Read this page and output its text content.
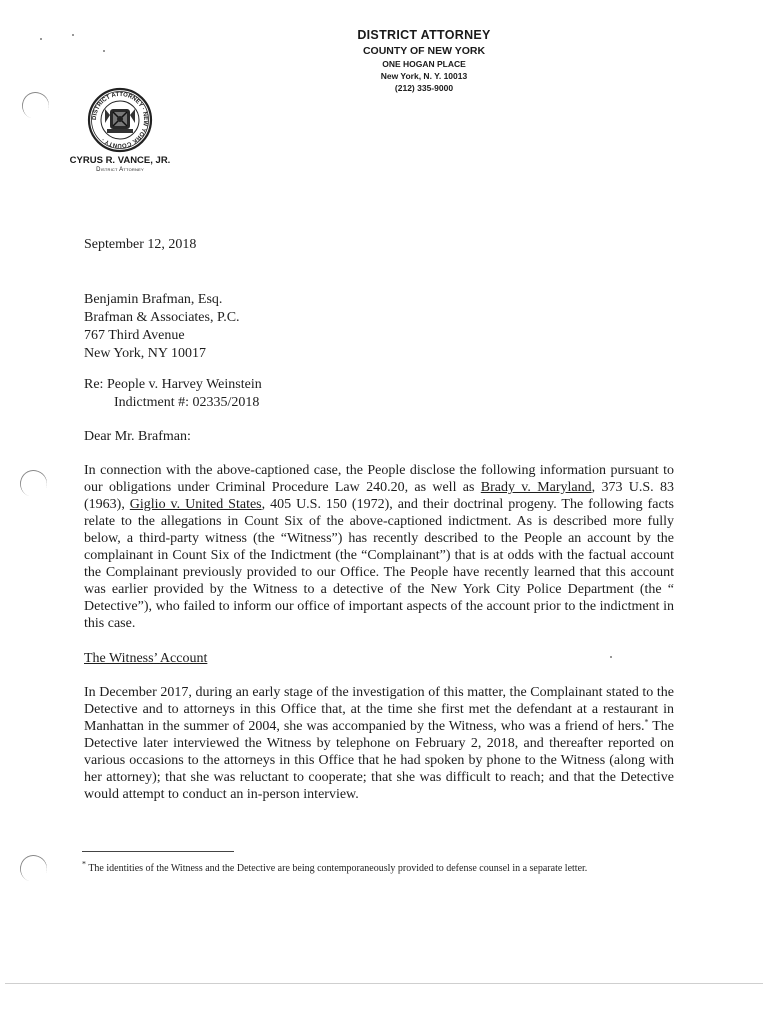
DISTRICT ATTORNEY
COUNTY OF NEW YORK
ONE HOGAN PLACE
New York, N. Y. 10013
(212) 335-9000
DISTRICT ATTORNEY · NEW YORK COUNTY ·
CYRUS R. VANCE, JR.
District Attorney
September 12, 2018
Benjamin Brafman, Esq.
Brafman & Associates, P.C.
767 Third Avenue
New York, NY 10017
Re: People v. Harvey Weinstein
Indictment #: 02335/2018
Dear Mr. Brafman:
In connection with the above-captioned case, the People disclose the following information pursuant to our obligations under Criminal Procedure Law 240.20, as well as Brady v. Maryland, 373 U.S. 83 (1963), Giglio v. United States, 405 U.S. 150 (1972), and their doctrinal progeny. The following facts relate to the allegations in Count Six of the above-captioned indictment. As is described more fully below, a third-party witness (the “Witness”) has recently described to the People an account by the complainant in Count Six of the Indictment (the “Complainant”) that is at odds with the factual account the Complainant previously provided to our Office. The People have recently learned that this account was earlier provided by the Witness to a detective of the New York City Police Department (the “ Detective”), who failed to inform our office of important aspects of the account prior to the indictment in this case.
The Witness’ Account
In December 2017, during an early stage of the investigation of this matter, the Complainant stated to the Detective and to attorneys in this Office that, at the time she first met the defendant at a restaurant in Manhattan in the summer of 2004, she was accompanied by the Witness, who was a friend of hers.* The Detective later interviewed the Witness by telephone on February 2, 2018, and thereafter reported on various occasions to the attorneys in this Office that he had spoken by phone to the Witness (along with her attorney); that she was reluctant to cooperate; that she was difficult to reach; and that the Detective would attempt to conduct an in-person interview.
* The identities of the Witness and the Detective are being contemporaneously provided to defense counsel in a separate letter.
